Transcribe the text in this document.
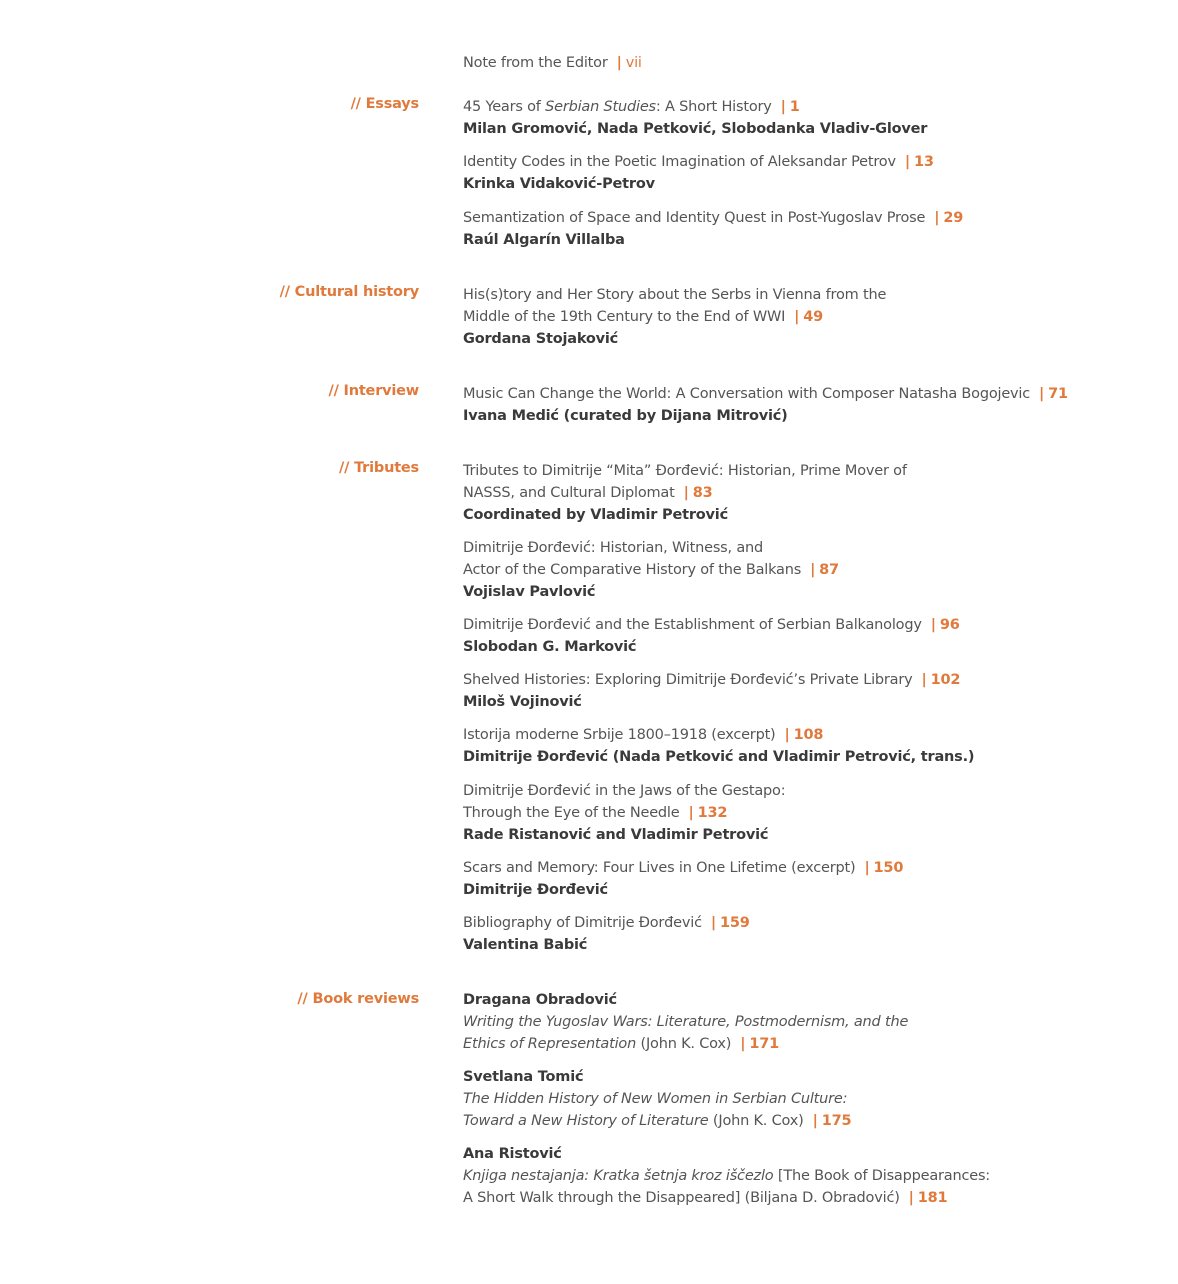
Note from the Editor | vii
// Essays	45 Years of Serbian Studies: A Short History | 1
Milan Gromović, Nada Petković, Slobodanka Vladiv-Glover
Identity Codes in the Poetic Imagination of Aleksandar Petrov | 13
Krinka Vidaković-Petrov
Semantization of Space and Identity Quest in Post-Yugoslav Prose | 29
Raúl Algarín Villalba
// Cultural history	His(s)tory and Her Story about the Serbs in Vienna from the
Middle of the 19th Century to the End of WWI | 49
Gordana Stojaković
// Interview	Music Can Change the World: A Conversation with Composer Natasha Bogojevic | 71
Ivana Medić (curated by Dijana Mitrović)
// Tributes	Tributes to Dimitrije “Mita” Đorđević: Historian, Prime Mover of
NASSS, and Cultural Diplomat | 83
Coordinated by Vladimir Petrović
Dimitrije Đorđević: Historian, Witness, and
Actor of the Comparative History of the Balkans | 87
Vojislav Pavlović
Dimitrije Đorđević and the Establishment of Serbian Balkanology | 96
Slobodan G. Marković
Shelved Histories: Exploring Dimitrije Đorđević’s Private Library | 102
Miloš Vojinović
Istorija moderne Srbije 1800–1918 (excerpt) | 108
Dimitrije Đorđević (Nada Petković and Vladimir Petrović, trans.)
Dimitrije Đorđević in the Jaws of the Gestapo:
Through the Eye of the Needle | 132
Rade Ristanović and Vladimir Petrović
Scars and Memory: Four Lives in One Lifetime (excerpt) | 150
Dimitrije Đorđević
Bibliography of Dimitrije Đorđević | 159
Valentina Babić
// Book reviews	Dragana Obradović
Writing the Yugoslav Wars: Literature, Postmodernism, and the
Ethics of Representation (John K. Cox) | 171
Svetlana Tomić
The Hidden History of New Women in Serbian Culture:
Toward a New History of Literature (John K. Cox) | 175
Ana Ristović
Knjiga nestajanja: Kratka šetnja kroz iščezlo [The Book of Disappearances:
A Short Walk through the Disappeared] (Biljana D. Obradović) | 181
